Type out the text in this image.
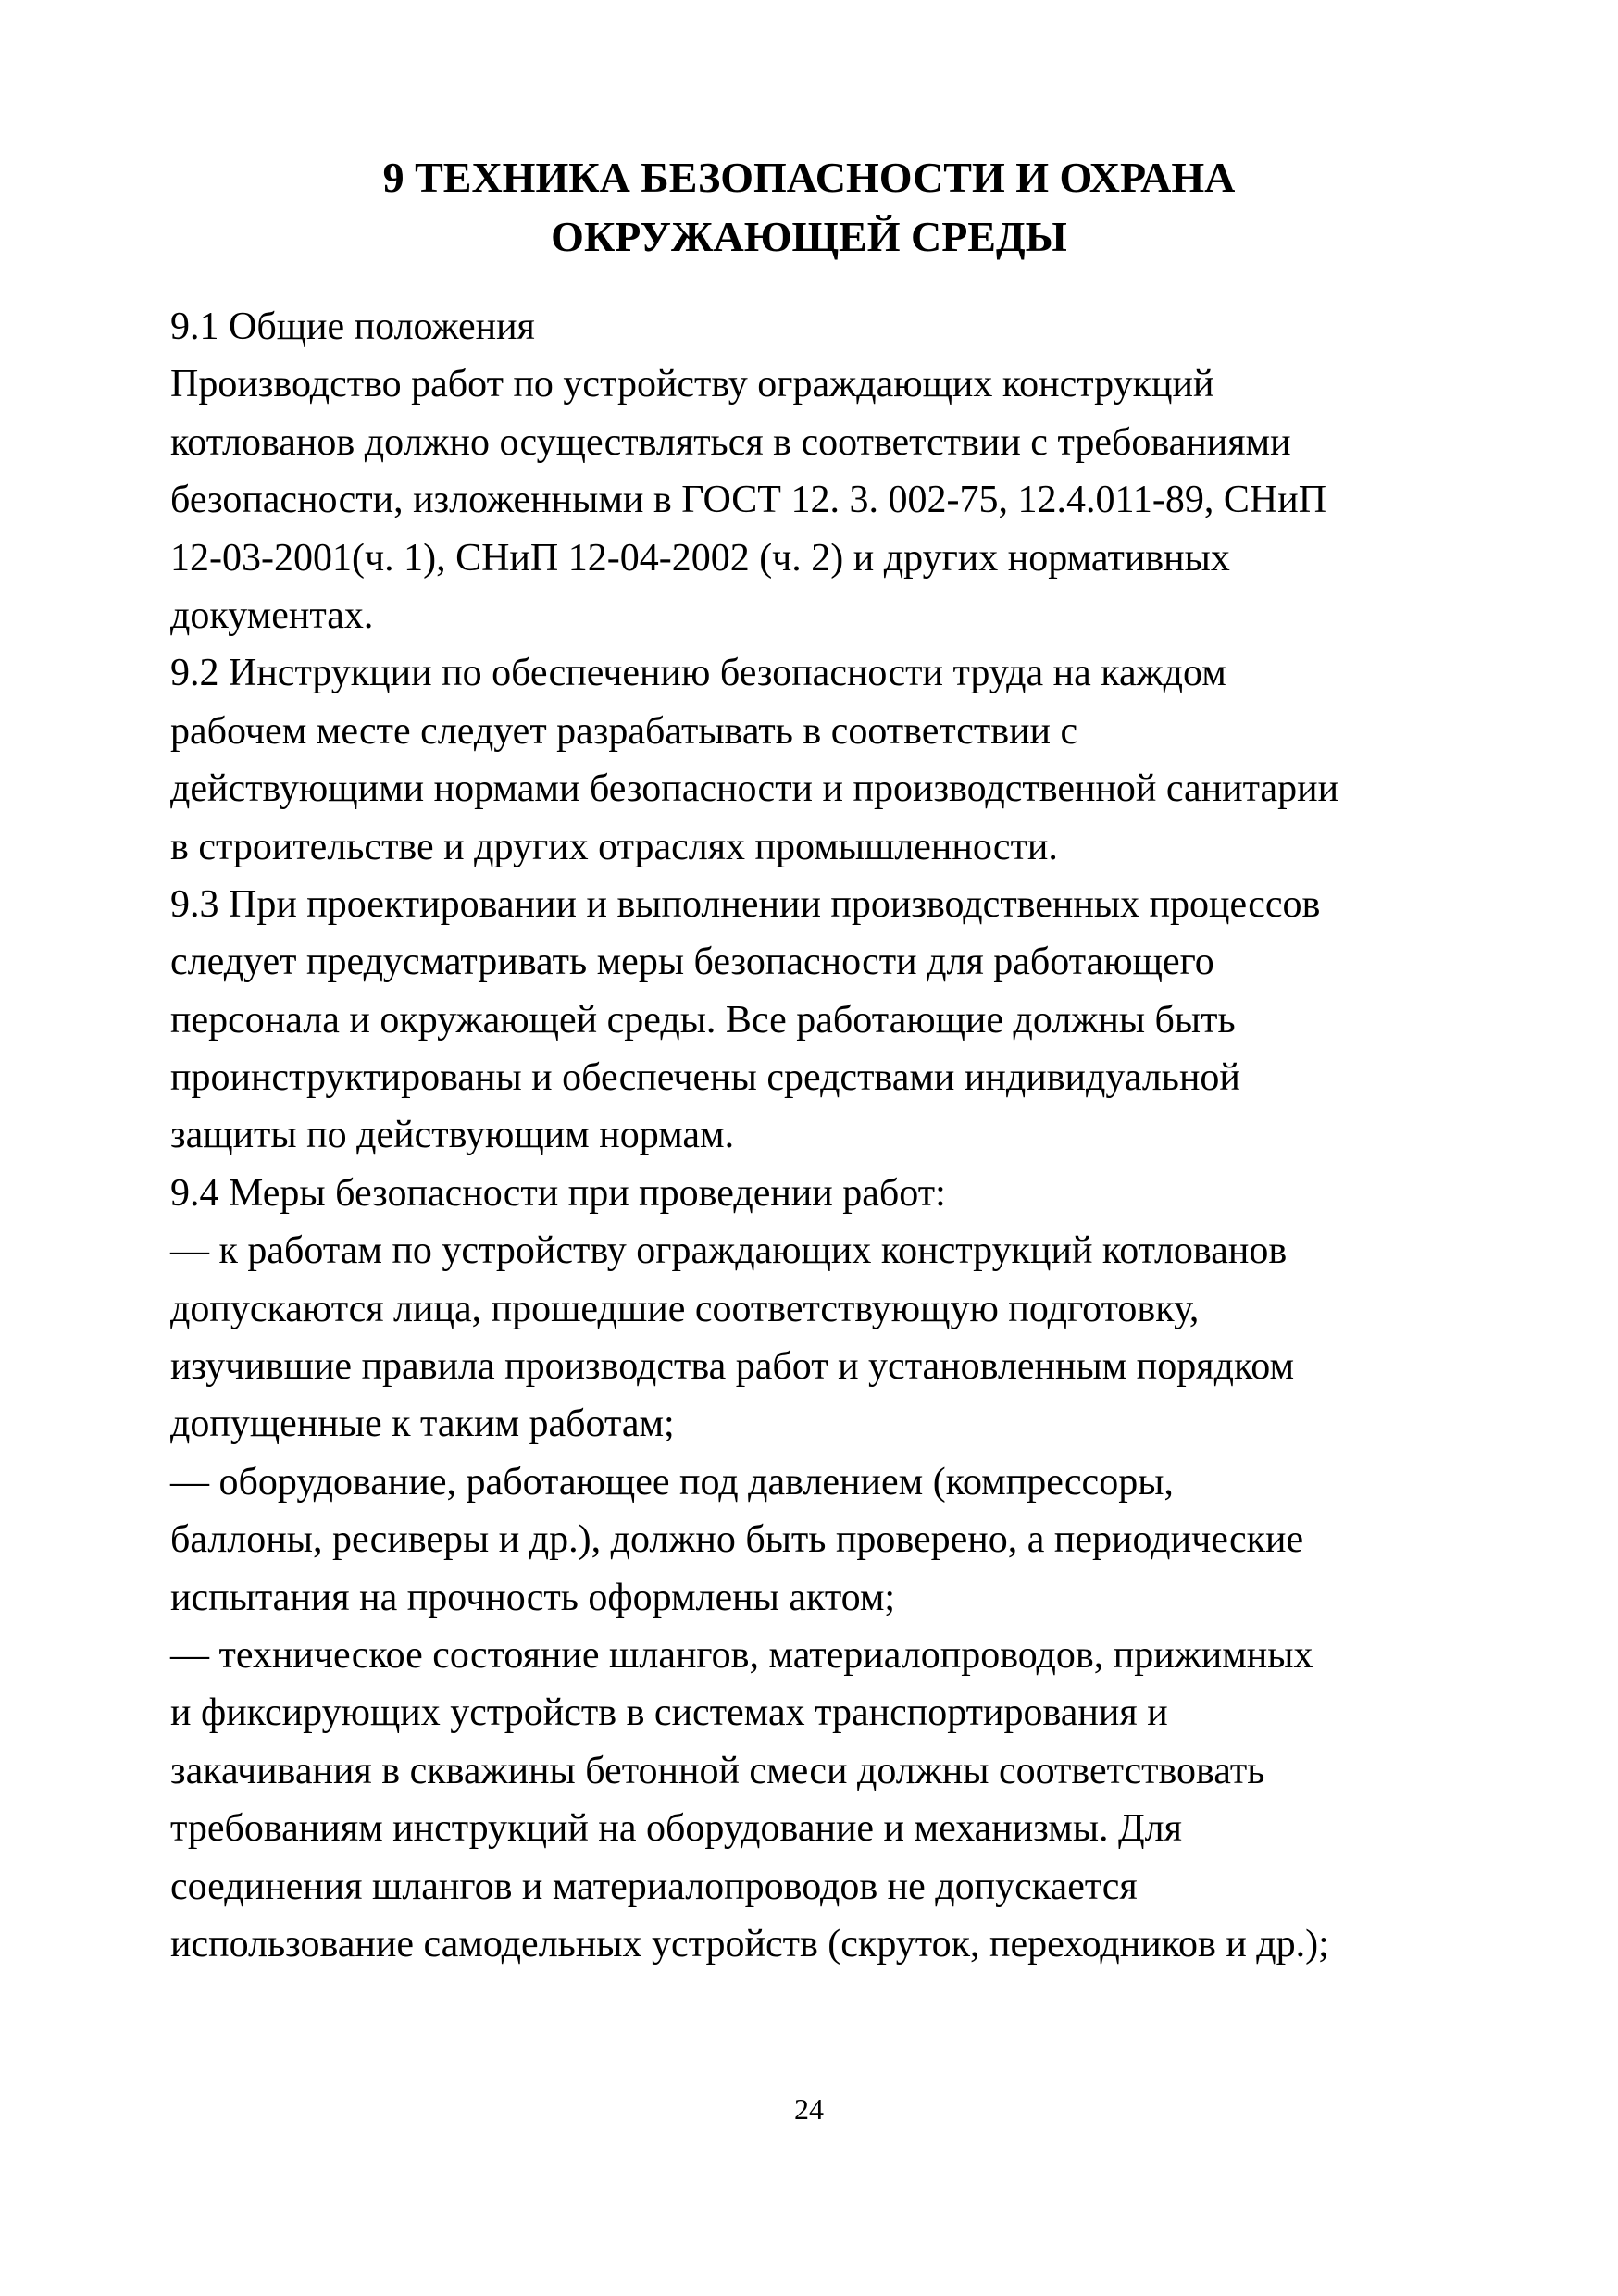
9 ТЕХНИКА БЕЗОПАСНОСТИ И ОХРАНА
ОКРУЖАЮЩЕЙ СРЕДЫ
9.1 Общие положения
Производство работ по устройству ограждающих конструкций
котлованов должно осуществляться в соответствии с требованиями
безопасности, изложенными в ГОСТ 12. 3. 002-75, 12.4.011-89, СНиП
12-03-2001(ч. 1), СНиП 12-04-2002 (ч. 2) и других нормативных
документах.
9.2 Инструкции по обеспечению безопасности труда на каждом
рабочем месте следует разрабатывать в соответствии с
действующими нормами безопасности и производственной санитарии
в строительстве и других отраслях промышленности.
9.3 При проектировании и выполнении производственных процессов
следует предусматривать меры безопасности для работающего
персонала и окружающей среды. Все работающие должны быть
проинструктированы и обеспечены средствами индивидуальной
защиты по действующим нормам.
9.4 Меры безопасности при проведении работ:
— к работам по устройству ограждающих конструкций котлованов
допускаются лица, прошедшие соответствующую подготовку,
изучившие правила производства работ и установленным порядком
допущенные к таким работам;
— оборудование, работающее под давлением (компрессоры,
баллоны, ресиверы и др.), должно быть проверено, а периодические
испытания на прочность оформлены актом;
— техническое состояние шлангов, материалопроводов, прижимных
и фиксирующих устройств в системах транспортирования и
закачивания в скважины бетонной смеси должны соответствовать
требованиям инструкций на оборудование и механизмы. Для
соединения шлангов и материалопроводов не допускается
использование самодельных устройств (скруток, переходников и др.);
24
